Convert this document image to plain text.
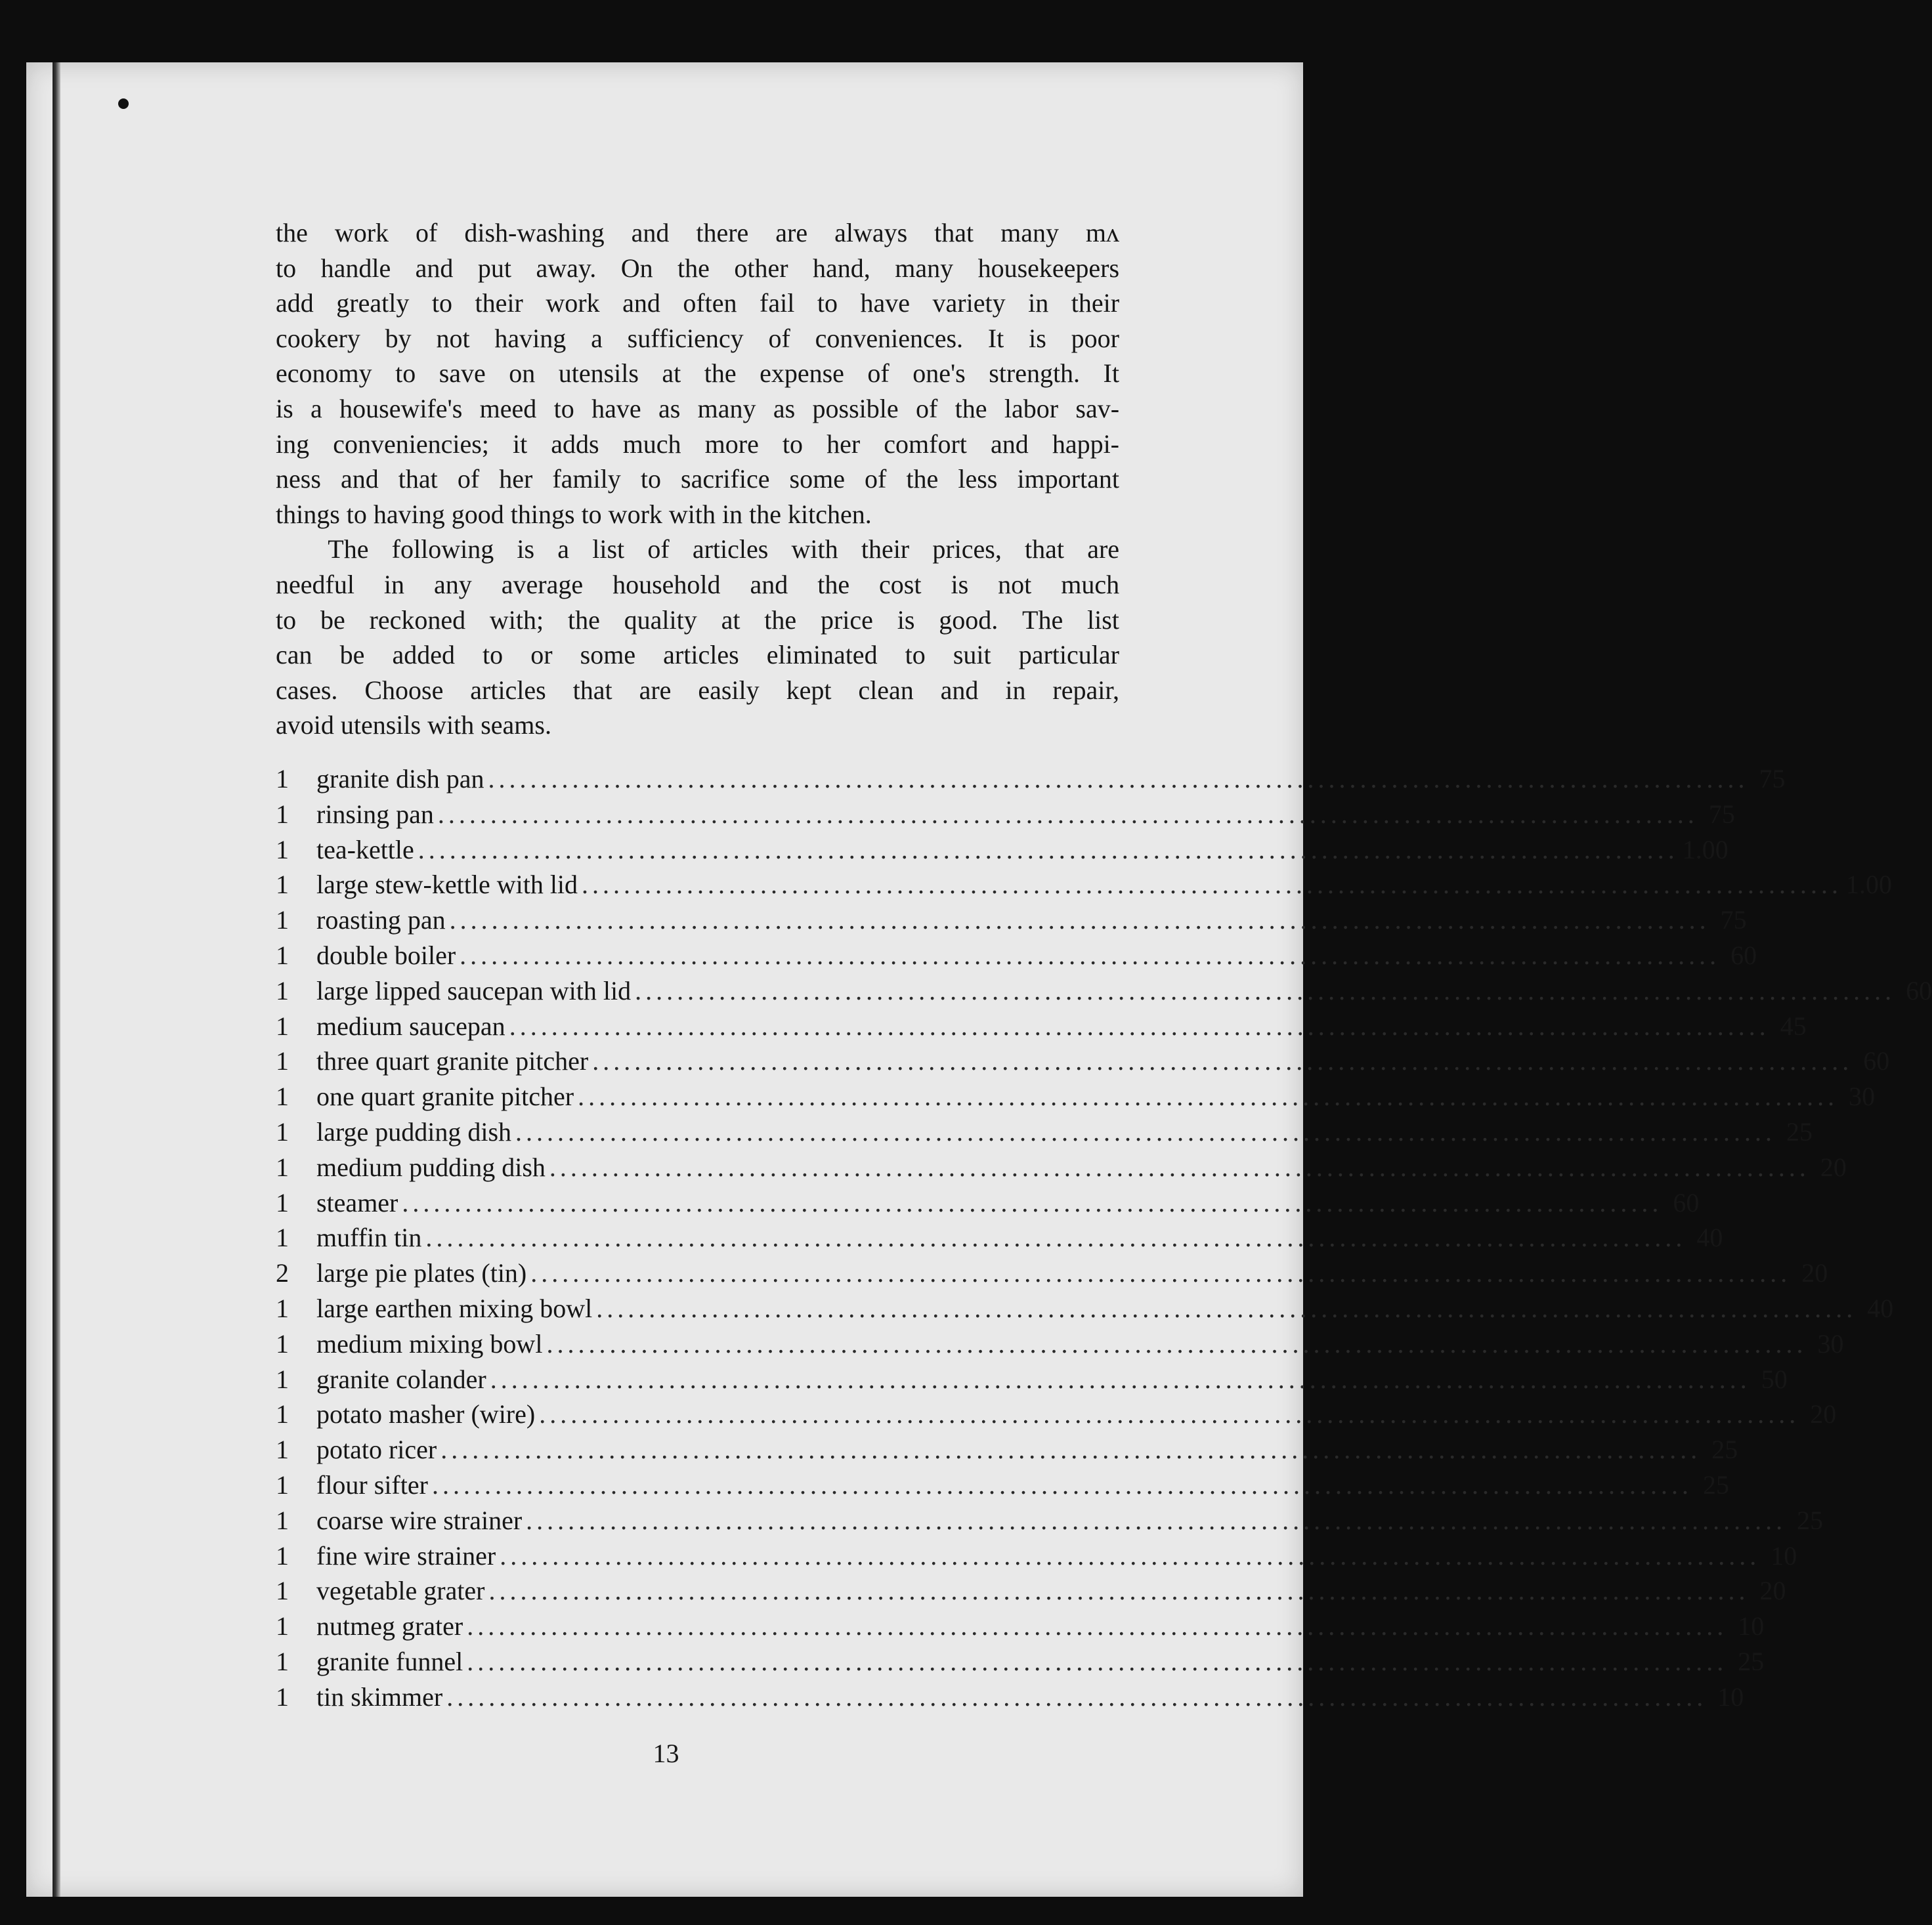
the
work
of
dish-washing
and
there
are
always
that
many
mʌ
to
handle
and
put
away.
On
the
other
hand,
many
housekeepers
add
greatly
to
their
work
and
often
fail
to
have
variety
in
their
cookery
by
not
having
a
sufficiency
of
conveniences.
It
is
poor
economy
to
save
on
utensils
at
the
expense
of
one's
strength.
It
is
a
housewife's
meed
to
have
as
many
as
possible
of
the
labor
sav-
ing
conveniencies;
it
adds
much
more
to
her
comfort
and
happi-
ness
and
that
of
her
family
to
sacrifice
some
of
the
less
important
things to having good things to work with in the kitchen.
The
following
is
a
list
of
articles
with
their
prices,
that
are
needful
in
any
average
household
and
the
cost
is
not
much
to
be
reckoned
with;
the
quality
at
the
price
is
good.
The
list
can
be
added
to
or
some
articles
eliminated
to
suit
particular
cases.
Choose
articles
that
are
easily
kept
clean
and
in
repair,
avoid utensils with seams.
1	granite dish pan ........................................................................................................................ 75
1	rinsing pan ........................................................................................................................ 75
1	tea-kettle ........................................................................................................................ 1.00
1	large stew-kettle with lid ........................................................................................................................ 1.00
1	roasting pan ........................................................................................................................ 75
1	double boiler ........................................................................................................................ 60
1	large lipped saucepan with lid ........................................................................................................................ 60
1	medium saucepan ........................................................................................................................ 45
1	three quart granite pitcher ........................................................................................................................ 60
1	one quart granite pitcher ........................................................................................................................ 30
1	large pudding dish ........................................................................................................................ 25
1	medium pudding dish ........................................................................................................................ 20
1	steamer ........................................................................................................................ 60
1	muffin tin ........................................................................................................................ 40
2	large pie plates (tin) ........................................................................................................................ 20
1	large earthen mixing bowl ........................................................................................................................ 40
1	medium mixing bowl ........................................................................................................................ 30
1	granite colander ........................................................................................................................ 50
1	potato masher (wire) ........................................................................................................................ 20
1	potato ricer ........................................................................................................................ 25
1	flour sifter ........................................................................................................................ 25
1	coarse wire strainer ........................................................................................................................ 25
1	fine wire strainer ........................................................................................................................ 10
1	vegetable grater ........................................................................................................................ 20
1	nutmeg grater ........................................................................................................................ 10
1	granite funnel ........................................................................................................................ 25
1	tin skimmer ........................................................................................................................ 10
13
